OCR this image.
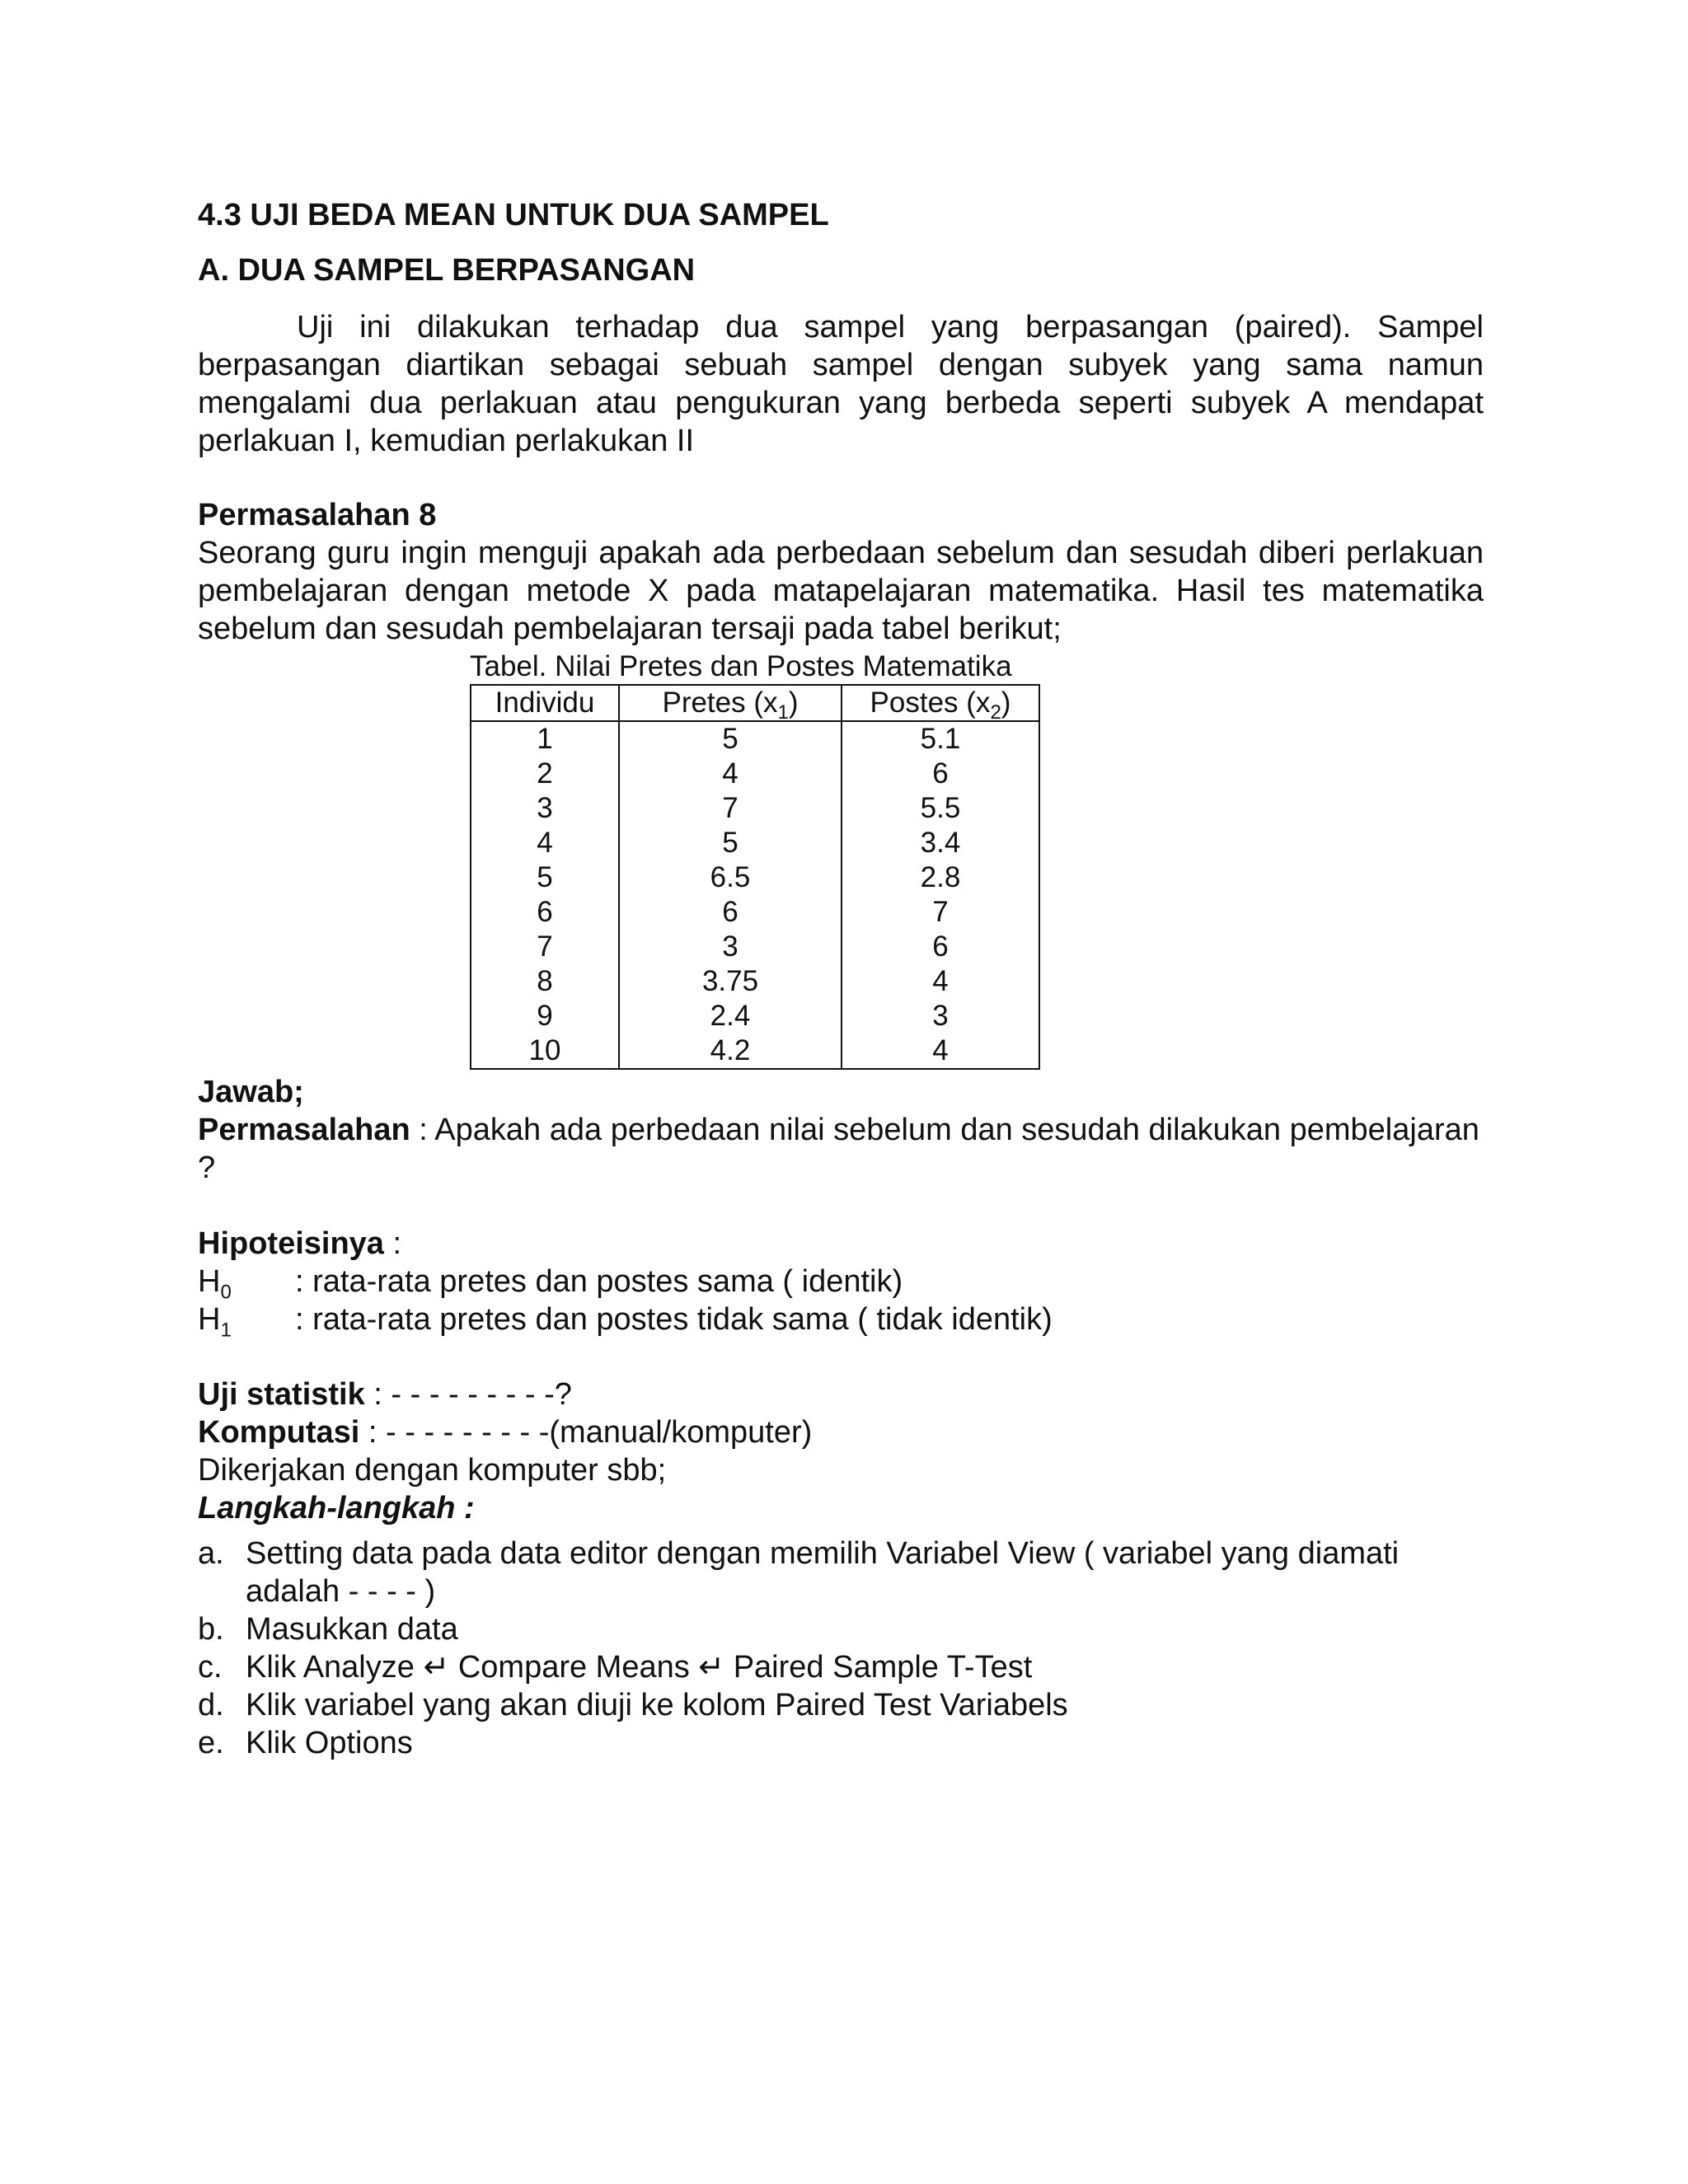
4.3 UJI BEDA MEAN UNTUK DUA SAMPEL
A. DUA SAMPEL BERPASANGAN
Uji ini dilakukan terhadap dua sampel yang berpasangan (paired). Sampel berpasangan diartikan sebagai sebuah sampel dengan subyek yang sama namun mengalami dua perlakuan atau pengukuran yang berbeda seperti subyek A mendapat perlakuan I, kemudian perlakukan II
Permasalahan 8
Seorang guru ingin menguji apakah ada perbedaan sebelum dan sesudah diberi perlakuan pembelajaran dengan metode X pada matapelajaran matematika. Hasil tes matematika sebelum dan sesudah pembelajaran tersaji pada tabel berikut;
Tabel. Nilai Pretes dan Postes Matematika
Individu	Pretes $(x_1)$	Postes $(x_2)$
1	5	5.1
2	4	6
3	7	5.5
4	5	3.4
5	6.5	2.8
6	6	7
7	3	6
8	3.75	4
9	2.4	3
10	4.2	4
Jawab;
Permasalahan : Apakah ada perbedaan nilai sebelum dan sesudah dilakukan pembelajaran ?
Hipoteisinya :
$H_0$ : rata-rata pretes dan postes sama ( identik)
$H_1$ : rata-rata pretes dan postes tidak sama ( tidak identik)
Uji statistik : - - - - - - - - -?
Komputasi : - - - - - - - - -(manual/komputer)
Dikerjakan dengan komputer sbb;
Langkah-langkah :
a. Setting data pada data editor dengan memilih Variabel View ( variabel yang diamati adalah - - - - )
b. Masukkan data
c. Klik Analyze ↵ Compare Means ↵ Paired Sample T-Test
d. Klik variabel yang akan diuji ke kolom Paired Test Variabels
e. Klik Options
